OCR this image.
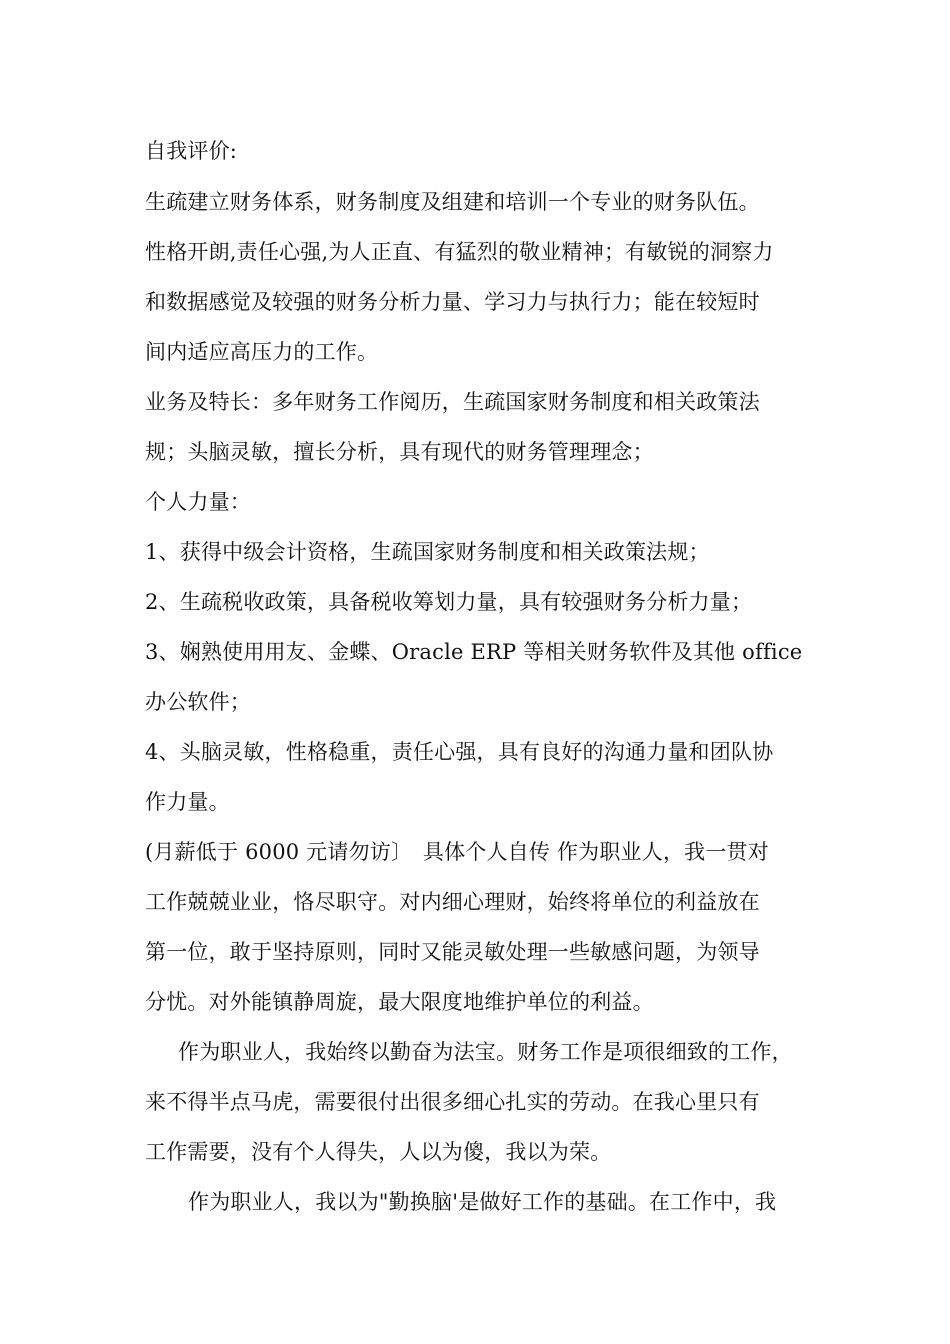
自我评价:
生疏建立财务体系，财务制度及组建和培训一个专业的财务队伍。
性格开朗,责任心强,为人正直、有猛烈的敬业精神；有敏锐的洞察力
和数据感觉及较强的财务分析力量、学习力与执行力；能在较短时
间内适应高压力的工作。
业务及特长：多年财务工作阅历，生疏国家财务制度和相关政策法
规；头脑灵敏，擅长分析，具有现代的财务管理理念；
个人力量：
1、获得中级会计资格，生疏国家财务制度和相关政策法规；
2、生疏税收政策，具备税收筹划力量，具有较强财务分析力量；
3、娴熟使用用友、金蝶、Oracle ERP 等相关财务软件及其他 office
办公软件；
4、头脑灵敏，性格稳重，责任心强，具有良好的沟通力量和团队协
作力量。
(月薪低于 6000 元请勿访〕　具体个人自传 作为职业人，我一贯对
工作兢兢业业，恪尽职守。对内细心理财，始终将单位的利益放在
第一位，敢于坚持原则，同时又能灵敏处理一些敏感问题，为领导
分忧。对外能镇静周旋，最大限度地维护单位的利益。
作为职业人，我始终以勤奋为法宝。财务工作是项很细致的工作，
来不得半点马虎，需要很付出很多细心扎实的劳动。在我心里只有
工作需要，没有个人得失，人以为傻，我以为荣。
作为职业人，我以为"勤换脑'是做好工作的基础。在工作中，我
